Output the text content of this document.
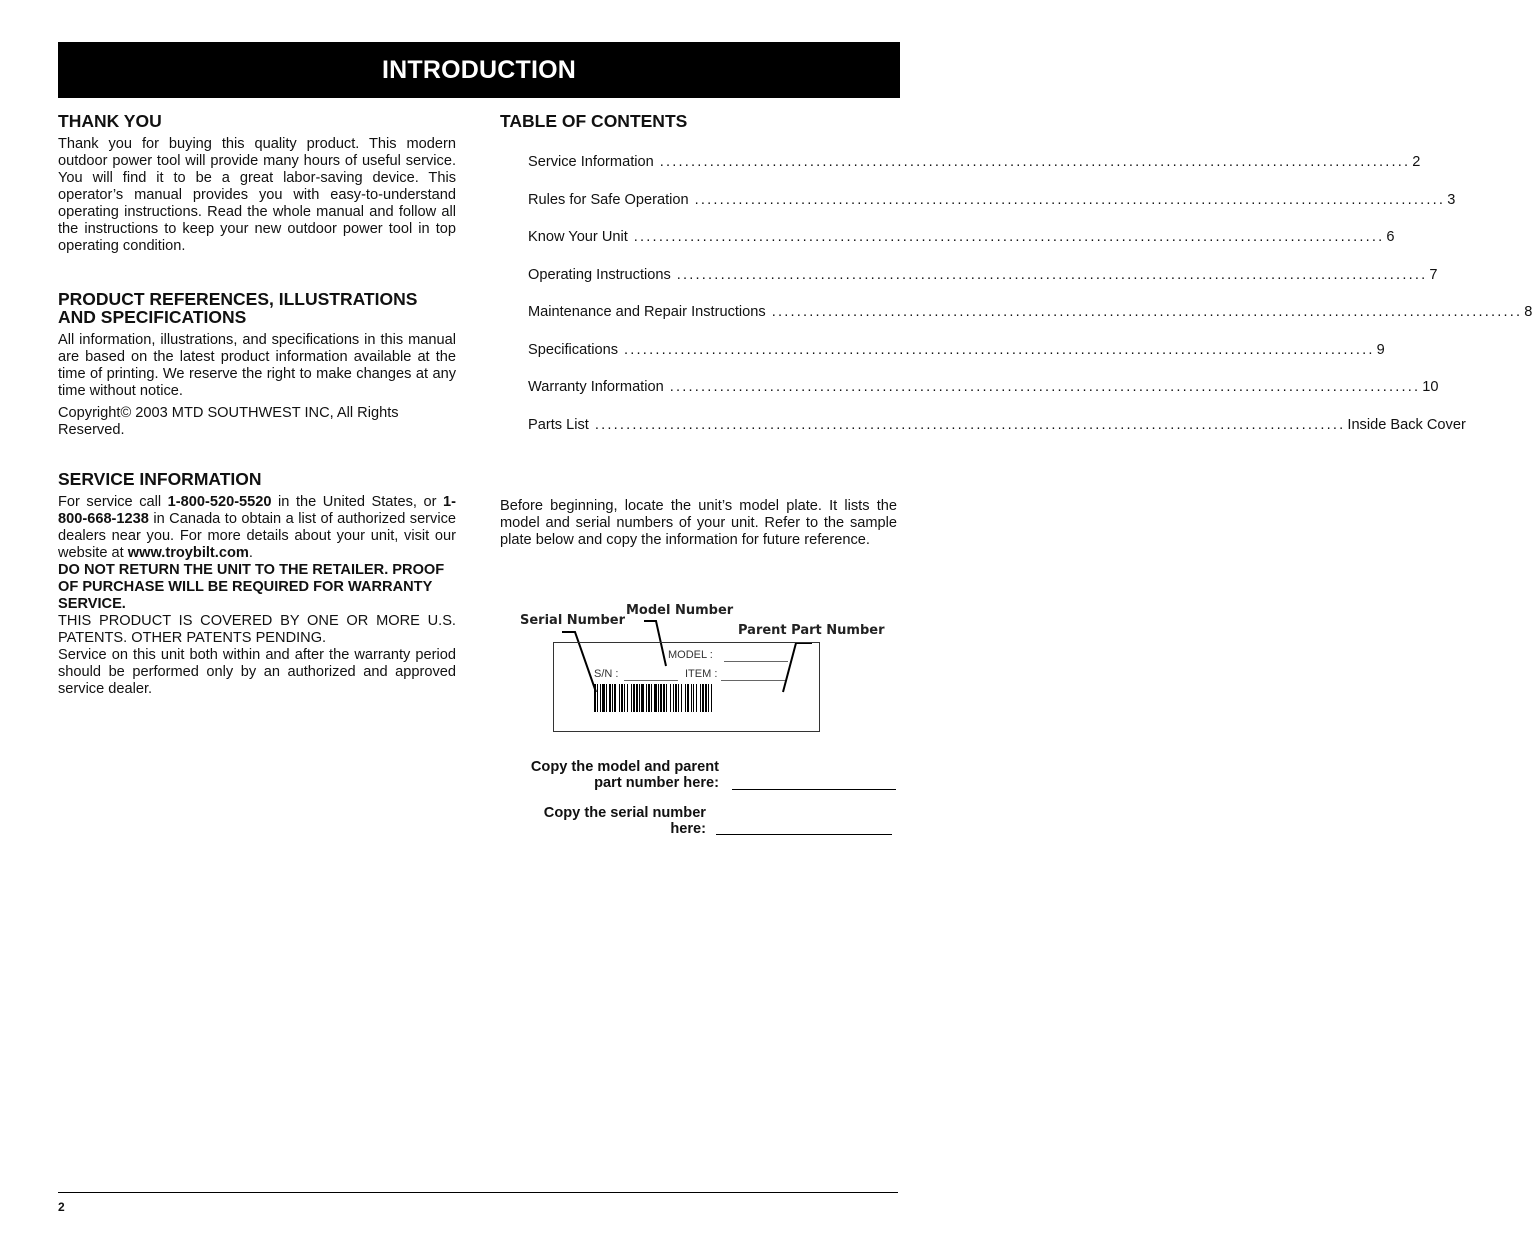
INTRODUCTION
THANK YOU

Thank you for buying this quality product. This modern outdoor power tool will provide many hours of useful service. You will find it to be a great labor-saving device. This operator’s manual provides you with easy-to-understand operating instructions. Read the whole manual and follow all the instructions to keep your new outdoor power tool in top operating condition.

PRODUCT REFERENCES, ILLUSTRATIONS AND SPECIFICATIONS

All information, illustrations, and specifications in this manual are based on the latest product information available at the time of printing. We reserve the right to make changes at any time without notice.

Copyright© 2003 MTD SOUTHWEST INC, All Rights Reserved.

SERVICE INFORMATION

For service call 1-800-520-5520 in the United States, or 1-800-668-1238 in Canada to obtain a list of authorized service dealers near you. For more details about your unit, visit our website at www.troybilt.com.

DO NOT RETURN THE UNIT TO THE RETAILER. PROOF OF PURCHASE WILL BE REQUIRED FOR WARRANTY SERVICE.

THIS PRODUCT IS COVERED BY ONE OR MORE U.S. PATENTS. OTHER PATENTS PENDING.

Service on this unit both within and after the warranty period should be performed only by an authorized and approved service dealer.

TABLE OF CONTENTS
Service Information ........................................................................................................................ 2
Rules for Safe Operation ........................................................................................................................ 3
Know Your Unit ........................................................................................................................ 6
Operating Instructions ........................................................................................................................ 7
Maintenance and Repair Instructions ........................................................................................................................ 8
Specifications ........................................................................................................................ 9
Warranty Information ........................................................................................................................ 10
Parts List ........................................................................................................................ Inside Back Cover

Before beginning, locate the unit’s model plate. It lists the model and serial numbers of your unit. Refer to the sample plate below and copy the information for future reference.

Serial Number
Model Number
Parent Part Number
MODEL :
S/N :	ITEM :
Copy the model and parent
part number here:
Copy the serial number
here:
2
